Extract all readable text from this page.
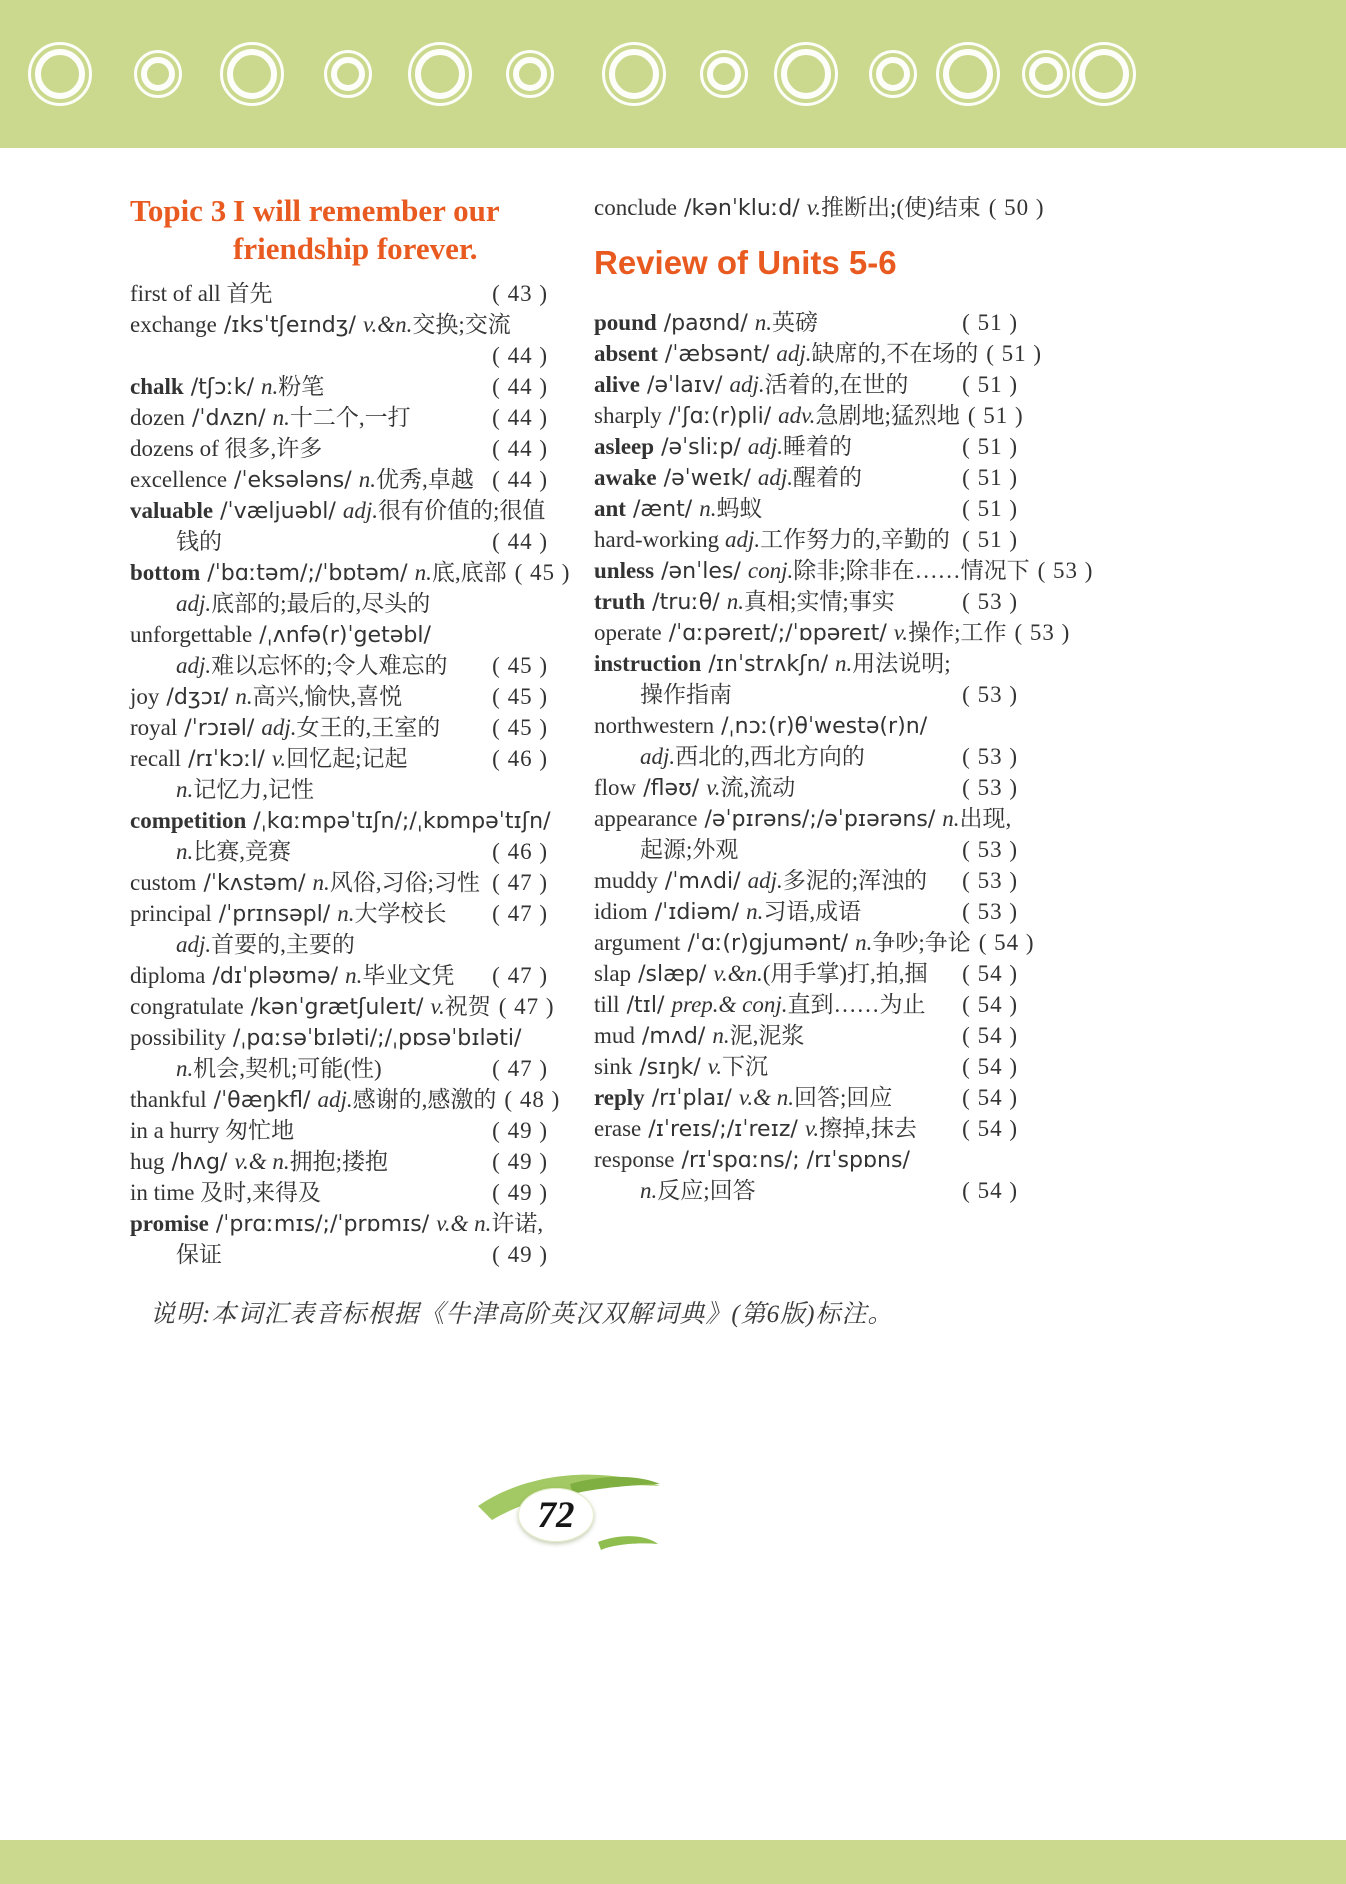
Topic 3 I will remember our
friendship forever.
first of all 首先	( 43 )
exchange /ɪksˈtʃeɪndʒ/ v.&n.交换;交流
( 44 )
chalk /tʃɔːk/ n.粉笔	( 44 )
dozen /ˈdʌzn/ n.十二个,一打	( 44 )
dozens of 很多,许多	( 44 )
excellence /ˈeksələns/ n.优秀,卓越 ( 44 )
valuable /ˈvæljuəbl/ adj.很有价值的;很值
钱的	( 44 )
bottom /ˈbɑːtəm/;/ˈbɒtəm/ n.底,底部 ( 45 )
adj.底部的;最后的,尽头的
unforgettable /ˌʌnfə(r)ˈgetəbl/
adj.难以忘怀的;令人难忘的 ( 45 )
joy /dʒɔɪ/ n.高兴,愉快,喜悦	( 45 )
royal /ˈrɔɪəl/ adj.女王的,王室的 ( 45 )
recall /rɪˈkɔːl/ v.回忆起;记起	( 46 )
n.记忆力,记性
competition /ˌkɑːmpəˈtɪʃn/;/ˌkɒmpəˈtɪʃn/
n.比赛,竞赛	( 46 )
custom /ˈkʌstəm/ n.风俗,习俗;习性 ( 47 )
principal /ˈprɪnsəpl/ n.大学校长 ( 47 )
adj.首要的,主要的
diploma /dɪˈpləʊmə/ n.毕业文凭 ( 47 )
congratulate /kənˈgrætʃuleɪt/ v.祝贺 ( 47 )
possibility /ˌpɑːsəˈbɪləti/;/ˌpɒsəˈbɪləti/
n.机会,契机;可能(性)	( 47 )
thankful /ˈθæŋkfl/ adj.感谢的,感激的 ( 48 )
in a hurry 匆忙地	( 49 )
hug /hʌg/ v.& n.拥抱;搂抱	( 49 )
in time 及时,来得及	( 49 )
promise /ˈprɑːmɪs/;/ˈprɒmɪs/ v.& n.许诺,
保证	( 49 )
conclude /kənˈkluːd/ v.推断出;(使)结束 ( 50 )
Review of Units 5-6
pound /paʊnd/ n.英磅	( 51 )
absent /ˈæbsənt/ adj.缺席的,不在场的 ( 51 )
alive /əˈlaɪv/ adj.活着的,在世的 ( 51 )
sharply /ˈʃɑː(r)pli/ adv.急剧地;猛烈地 ( 51 )
asleep /əˈsliːp/ adj.睡着的	( 51 )
awake /əˈweɪk/ adj.醒着的	( 51 )
ant /ænt/ n.蚂蚁	( 51 )
hard-working adj.工作努力的,辛勤的 ( 51 )
unless /ənˈles/ conj.除非;除非在……情况下 ( 53 )
truth /truːθ/ n.真相;实情;事实	( 53 )
operate /ˈɑːpəreɪt/;/ˈɒpəreɪt/ v.操作;工作 ( 53 )
instruction /ɪnˈstrʌkʃn/ n.用法说明;
操作指南	( 53 )
northwestern /ˌnɔː(r)θˈwestə(r)n/
adj.西北的,西北方向的	( 53 )
flow /fləʊ/ v.流,流动	( 53 )
appearance /əˈpɪrəns/;/əˈpɪərəns/ n.出现,
起源;外观	( 53 )
muddy /ˈmʌdi/ adj.多泥的;浑浊的 ( 53 )
idiom /ˈɪdiəm/ n.习语,成语	( 53 )
argument /ˈɑː(r)gjumənt/ n.争吵;争论 ( 54 )
slap /slæp/ v.&n.(用手掌)打,拍,掴 ( 54 )
till /tɪl/ prep.& conj.直到……为止 ( 54 )
mud /mʌd/ n.泥,泥浆	( 54 )
sink /sɪŋk/ v.下沉	( 54 )
reply /rɪˈplaɪ/ v.& n.回答;回应	( 54 )
erase /ɪˈreɪs/;/ɪˈreɪz/ v.擦掉,抹去 ( 54 )
response /rɪˈspɑːns/; /rɪˈspɒns/
n.反应;回答	( 54 )
说明:本词汇表音标根据《牛津高阶英汉双解词典》(第6版)标注。
72
